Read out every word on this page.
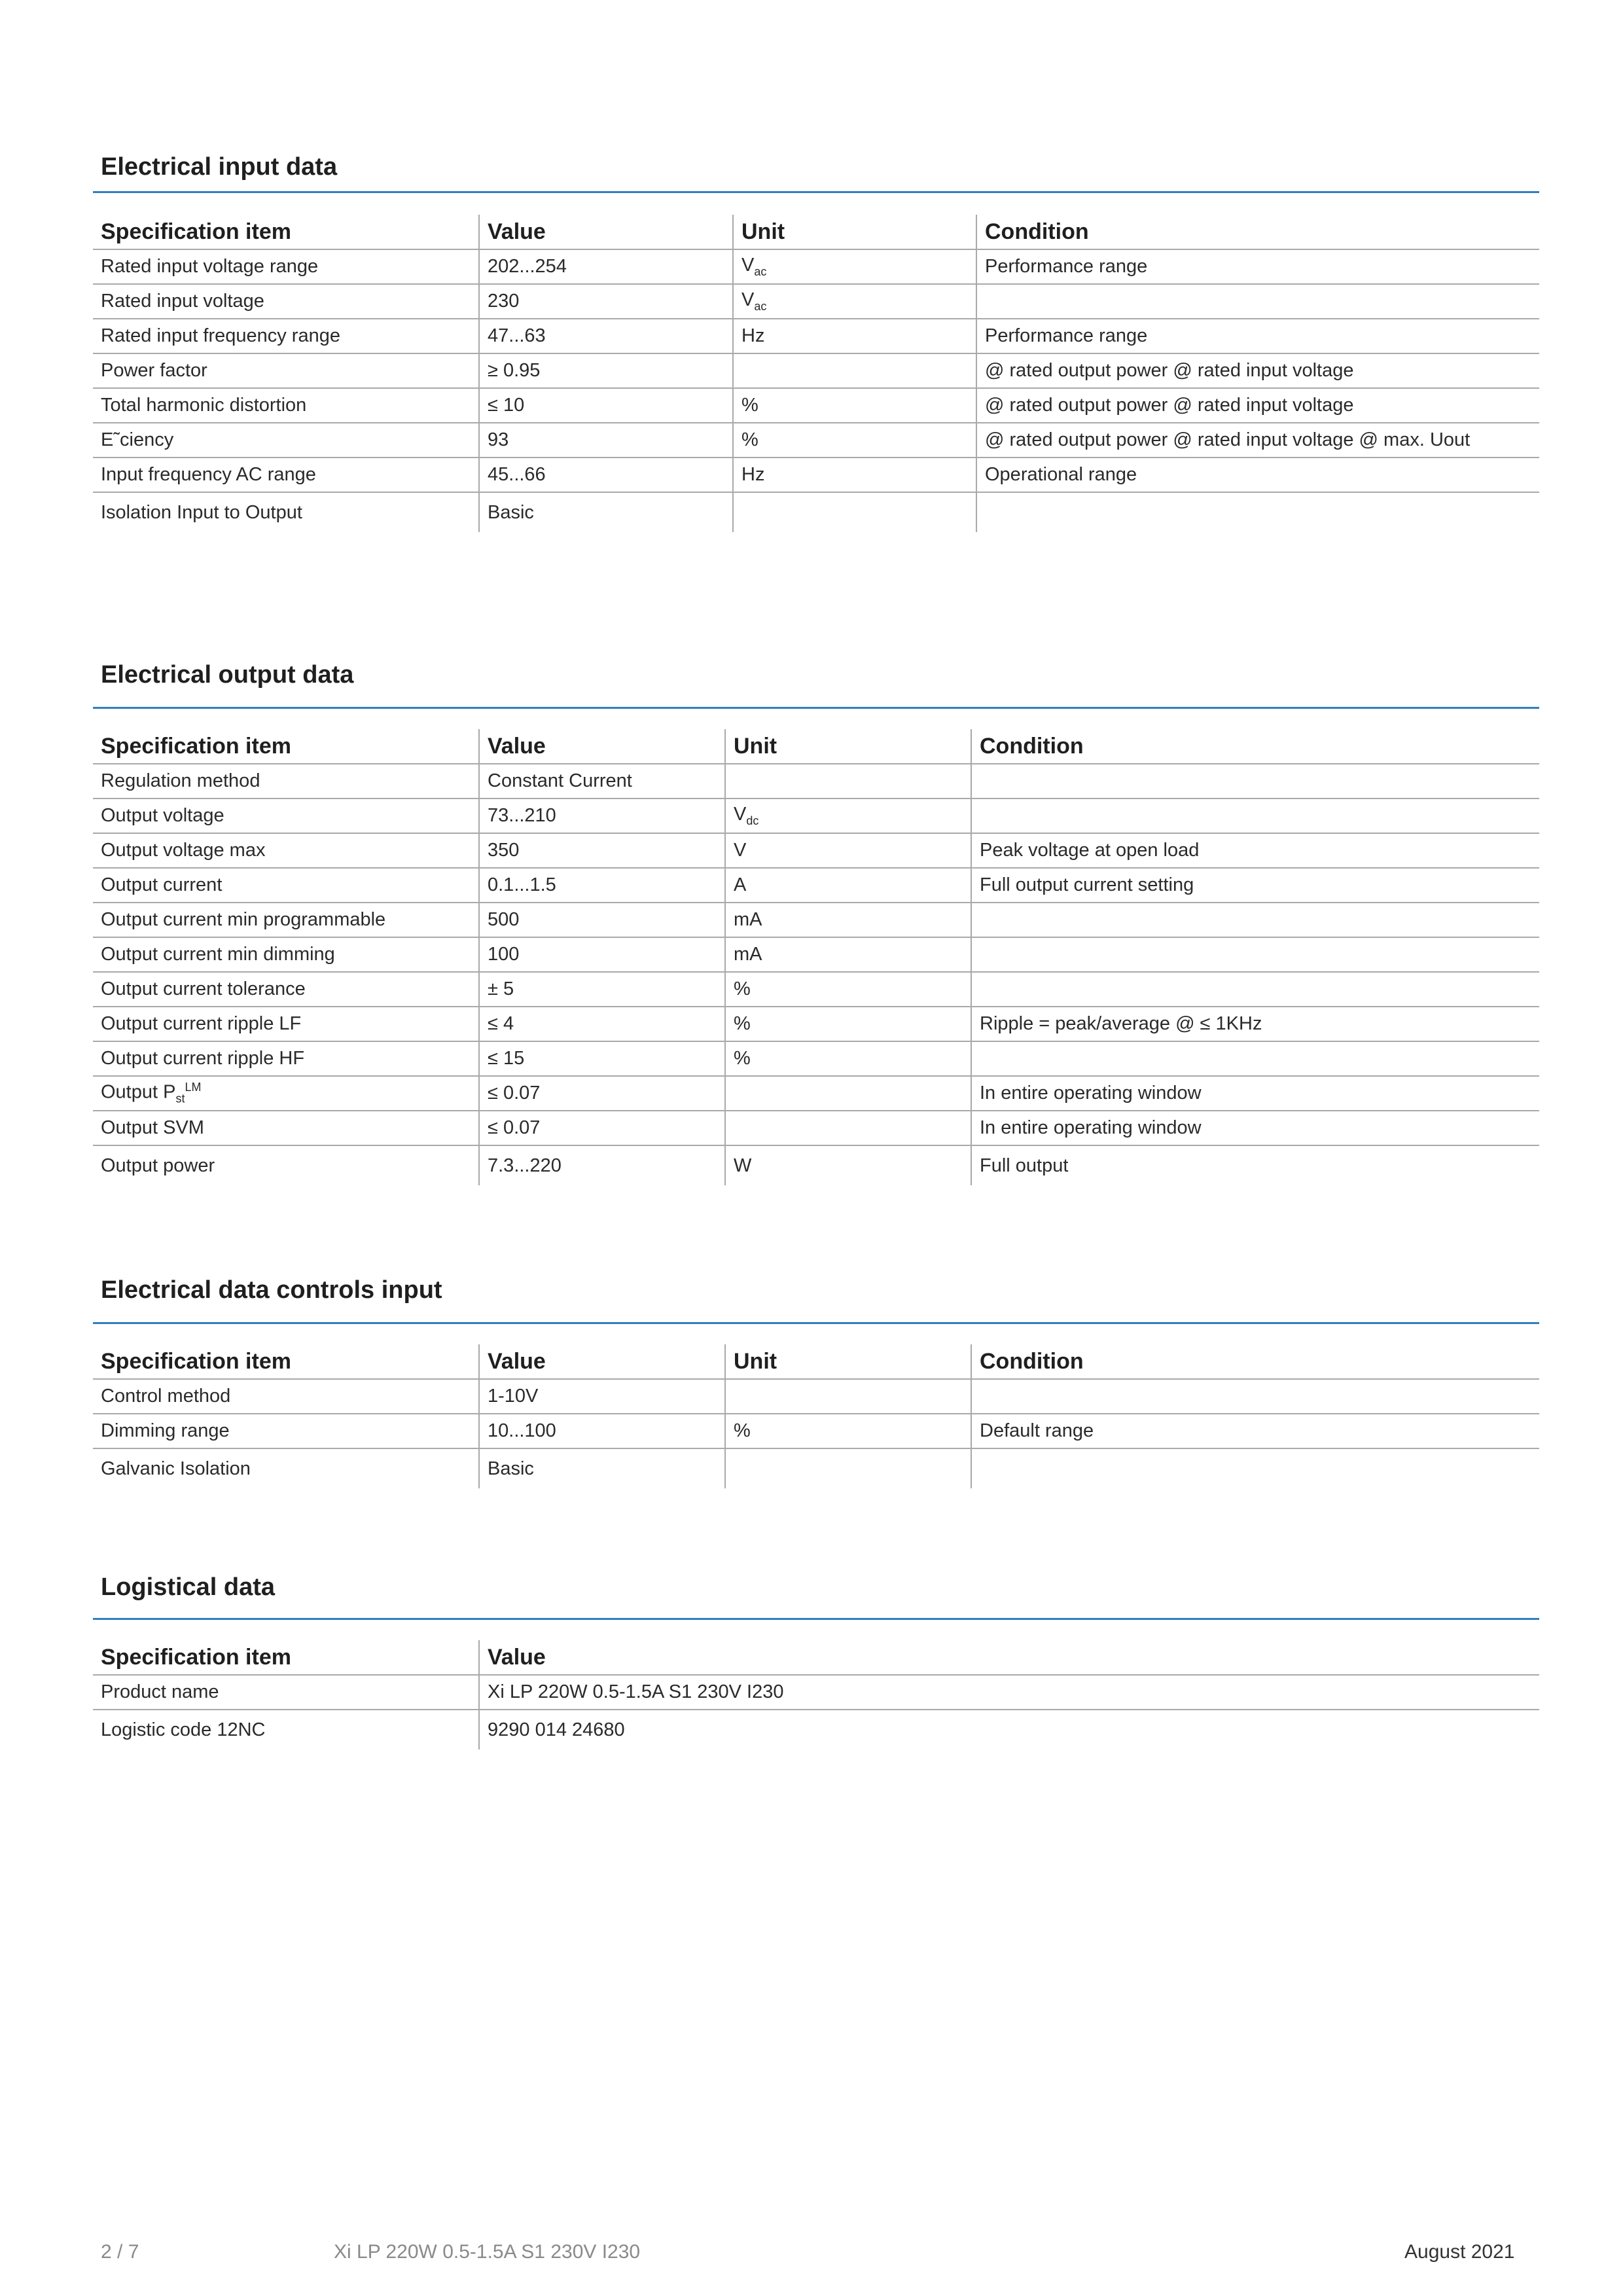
Electrical input data
Specification item	Value	Unit	Condition
Rated input voltage range	202...254	$V_{ac}$	Performance range
Rated input voltage	230	$V_{ac}$	
Rated input frequency range	47...63	Hz	Performance range
Power factor	≥ 0.95		@ rated output power @ rated input voltage
Total harmonic distortion	≤ 10	%	@ rated output power @ rated input voltage
E˜ciency	93	%	@ rated output power @ rated input voltage @ max. Uout
Input frequency AC range	45...66	Hz	Operational range
Isolation Input to Output	Basic		
Electrical output data
Specification item	Value	Unit	Condition
Regulation method	Constant Current		
Output voltage	73...210	$V_{dc}$	
Output voltage max	350	V	Peak voltage at open load
Output current	0.1...1.5	A	Full output current setting
Output current min programmable	500	mA	
Output current min dimming	100	mA	
Output current tolerance	± 5	%	
Output current ripple LF	≤ 4	%	Ripple = peak/average @ ≤ 1KHz
Output current ripple HF	≤ 15	%	
Output $P_{st}^{LM}$	≤ 0.07		In entire operating window
Output SVM	≤ 0.07		In entire operating window
Output power	7.3...220	W	Full output
Electrical data controls input
Specification item	Value	Unit	Condition
Control method	1-10V		
Dimming range	10...100	%	Default range
Galvanic Isolation	Basic		
Logistical data
Specification item	Value
Product name	Xi LP 220W 0.5-1.5A S1 230V I230
Logistic code 12NC	9290 014 24680
2 / 7	Xi LP 220W 0.5-1.5A S1 230V I230	August 2021
